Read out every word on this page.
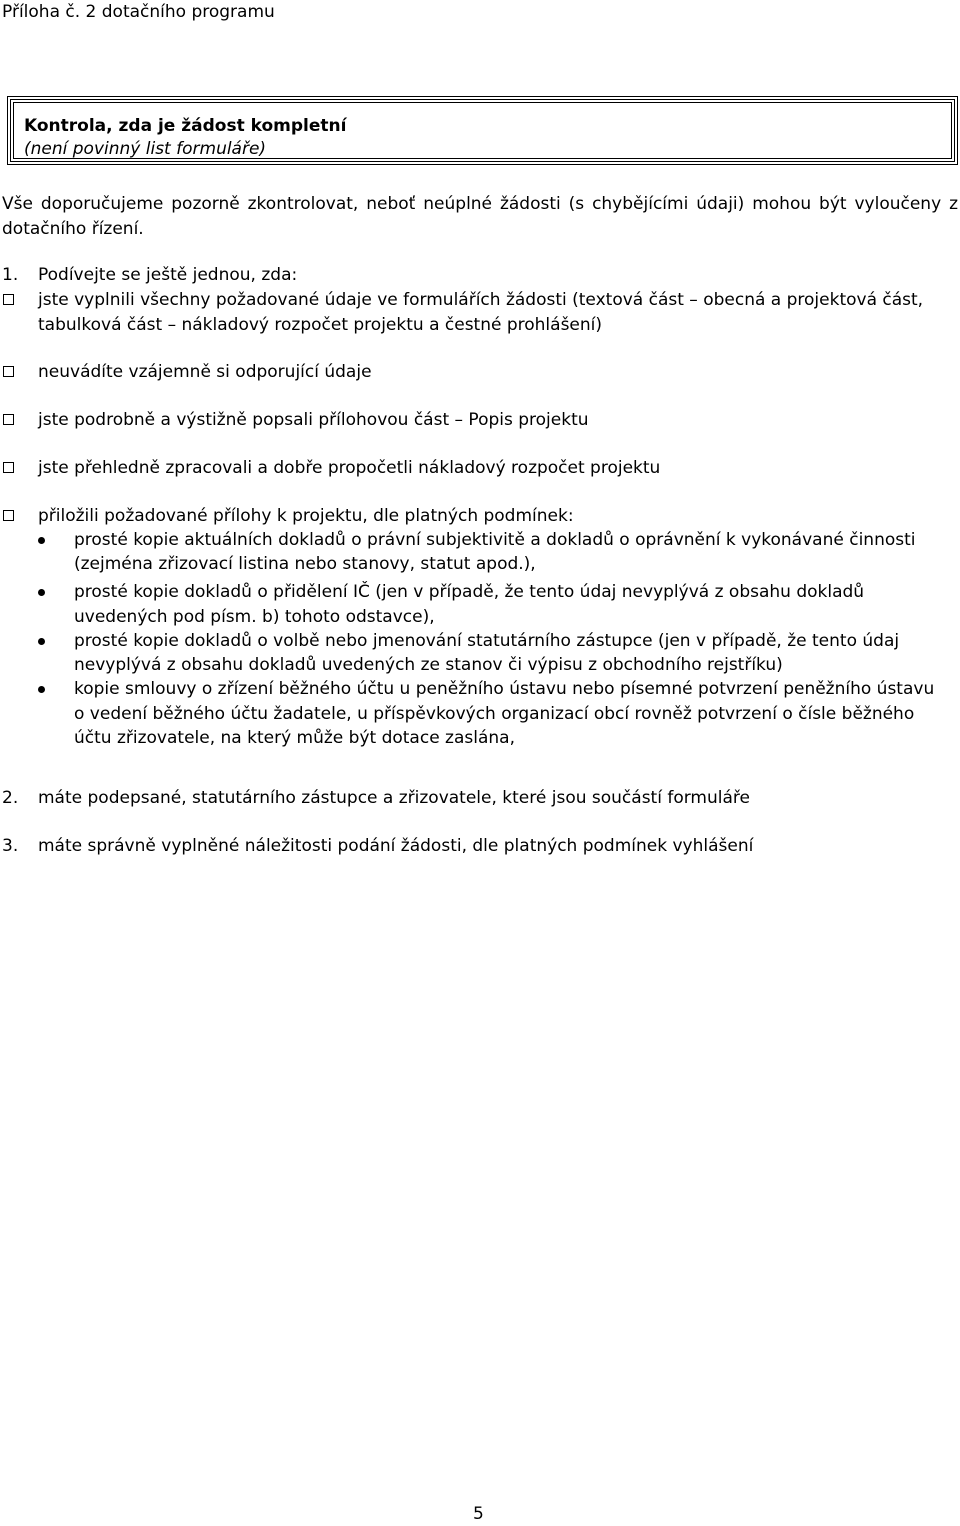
Příloha č. 2 dotačního programu
Kontrola, zda je žádost kompletní
(není povinný list formuláře)
Vše doporučujeme pozorně zkontrolovat, neboť neúplné žádosti (s chybějícími údaji) mohou být vyloučeny z dotačního řízení.
1. Podívejte se ještě jednou, zda:
jste vyplnili všechny požadované údaje ve formulářích žádosti (textová část – obecná a projektová část,
tabulková část – nákladový rozpočet projektu a čestné prohlášení)
neuvádíte vzájemně si odporující údaje
jste podrobně a výstižně popsali přílohovou část – Popis projektu
jste přehledně zpracovali a dobře propočetli nákladový rozpočet projektu
přiložili požadované přílohy k projektu, dle platných podmínek:
prosté kopie aktuálních dokladů o právní subjektivitě a dokladů o oprávnění k vykonávané činnosti
(zejména zřizovací listina nebo stanovy, statut apod.),
prosté kopie dokladů o přidělení IČ (jen v případě, že tento údaj nevyplývá z obsahu dokladů
uvedených pod písm. b) tohoto odstavce),
prosté kopie dokladů o volbě nebo jmenování statutárního zástupce (jen v případě, že tento údaj
nevyplývá z obsahu dokladů uvedených ze stanov či výpisu z obchodního rejstříku)
kopie smlouvy o zřízení běžného účtu u peněžního ústavu nebo písemné potvrzení peněžního ústavu
o vedení běžného účtu žadatele, u příspěvkových organizací obcí rovněž potvrzení o čísle běžného
účtu zřizovatele, na který může být dotace zaslána,
2. máte podepsané, statutárního zástupce a zřizovatele, které jsou součástí formuláře
3. máte správně vyplněné náležitosti podání žádosti, dle platných podmínek vyhlášení
5
